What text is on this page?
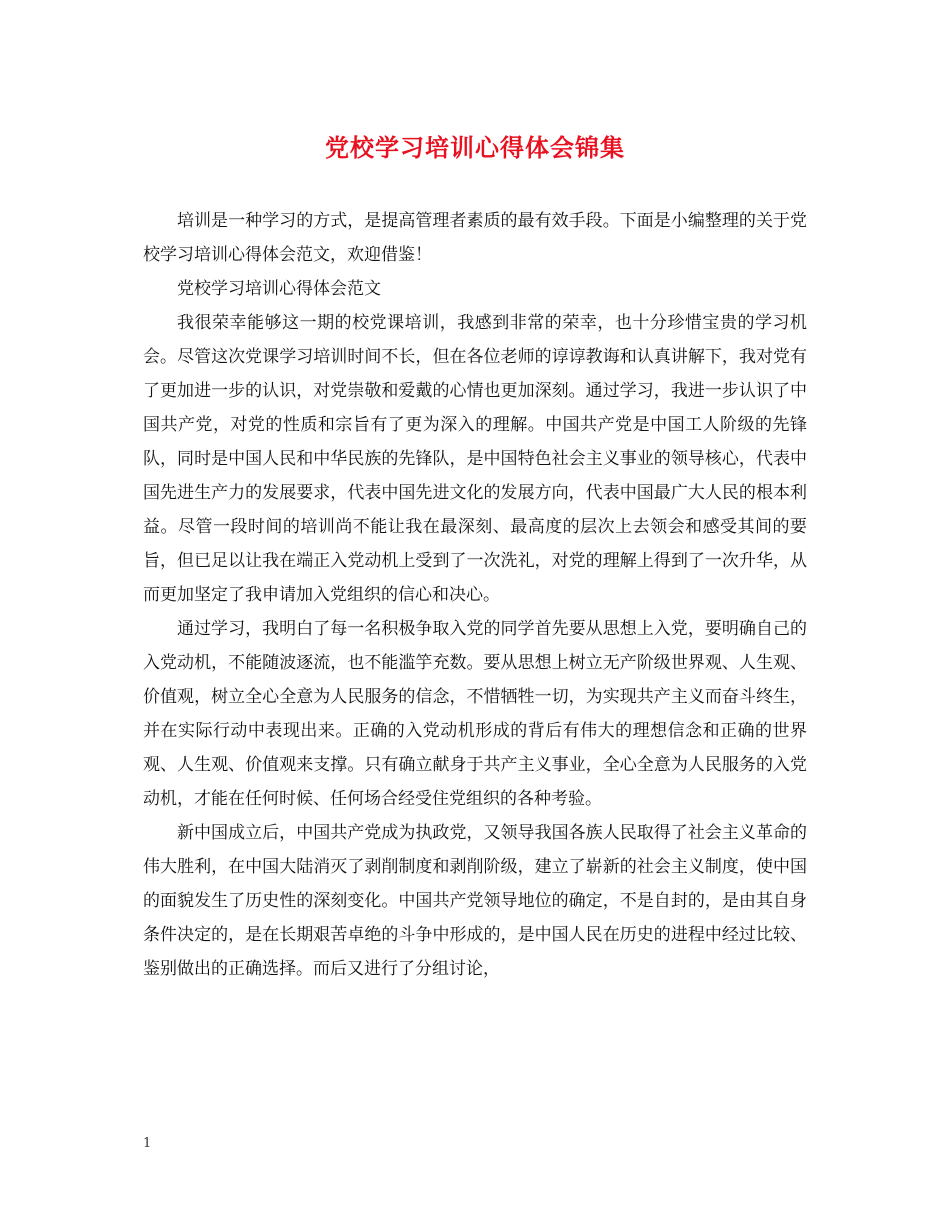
党校学习培训心得体会锦集

培训是一种学习的方式，是提高管理者素质的最有效手段。下面是小编整理的关于党校学习培训心得体会范文，欢迎借鉴！

党校学习培训心得体会范文

我很荣幸能够这一期的校党课培训，我感到非常的荣幸，也十分珍惜宝贵的学习机会。尽管这次党课学习培训时间不长，但在各位老师的谆谆教诲和认真讲解下，我对党有了更加进一步的认识，对党崇敬和爱戴的心情也更加深刻。通过学习，我进一步认识了中国共产党，对党的性质和宗旨有了更为深入的理解。中国共产党是中国工人阶级的先锋队，同时是中国人民和中华民族的先锋队，是中国特色社会主义事业的领导核心，代表中国先进生产力的发展要求，代表中国先进文化的发展方向，代表中国最广大人民的根本利益。尽管一段时间的培训尚不能让我在最深刻、最高度的层次上去领会和感受其间的要旨，但已足以让我在端正入党动机上受到了一次洗礼，对党的理解上得到了一次升华，从而更加坚定了我申请加入党组织的信心和决心。

通过学习，我明白了每一名积极争取入党的同学首先要从思想上入党，要明确自己的入党动机，不能随波逐流，也不能滥竽充数。要从思想上树立无产阶级世界观、人生观、价值观，树立全心全意为人民服务的信念，不惜牺牲一切，为实现共产主义而奋斗终生，并在实际行动中表现出来。正确的入党动机形成的背后有伟大的理想信念和正确的世界观、人生观、价值观来支撑。只有确立献身于共产主义事业，全心全意为人民服务的入党动机，才能在任何时候、任何场合经受住党组织的各种考验。

新中国成立后，中国共产党成为执政党，又领导我国各族人民取得了社会主义革命的伟大胜利，在中国大陆消灭了剥削制度和剥削阶级，建立了崭新的社会主义制度，使中国的面貌发生了历史性的深刻变化。中国共产党领导地位的确定，不是自封的，是由其自身条件决定的，是在长期艰苦卓绝的斗争中形成的，是中国人民在历史的进程中经过比较、鉴别做出的正确选择。而后又进行了分组讨论，

1
